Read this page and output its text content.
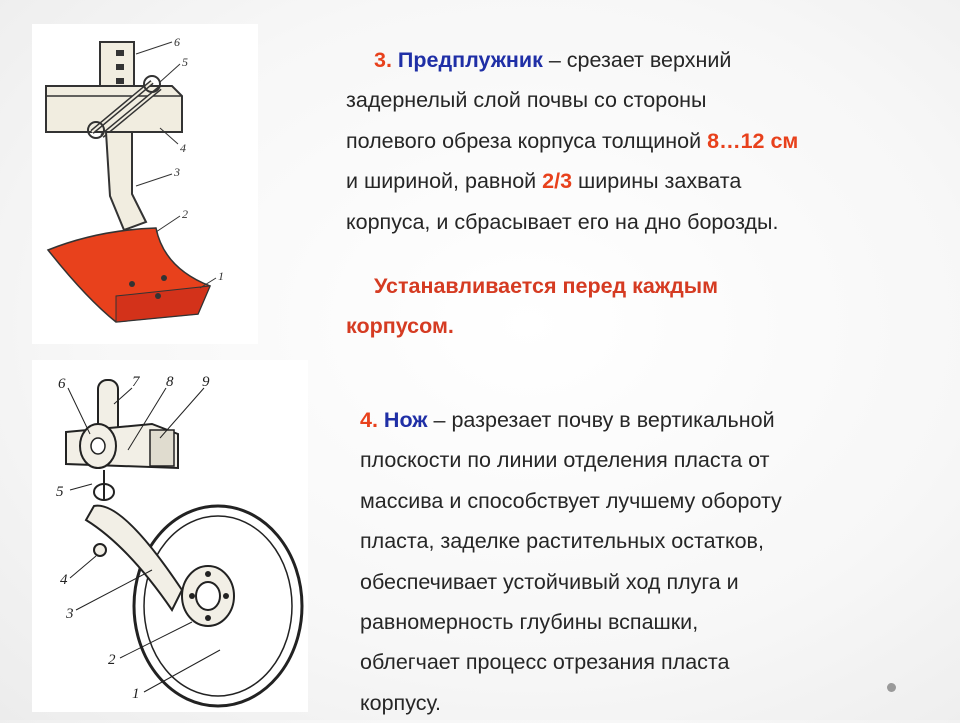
6
5
4
3
2
1
6	7 8 9
5
4
3
2
1

3. Предплужник – срезает верхний

задернелый слой почвы со стороны

полевого обреза корпуса толщиной 8…12 см

и шириной, равной 2/3 ширины захвата

корпуса, и сбрасывает его на дно борозды.

Устанавливается перед каждым

корпусом.

4. Нож – разрезает почву в вертикальной

плоскости по линии отделения пласта от

массива и способствует лучшему обороту

пласта, заделке растительных остатков,

обеспечивает устойчивый ход плуга и

равномерность глубины вспашки,

облегчает процесс отрезания пласта

корпусу.
